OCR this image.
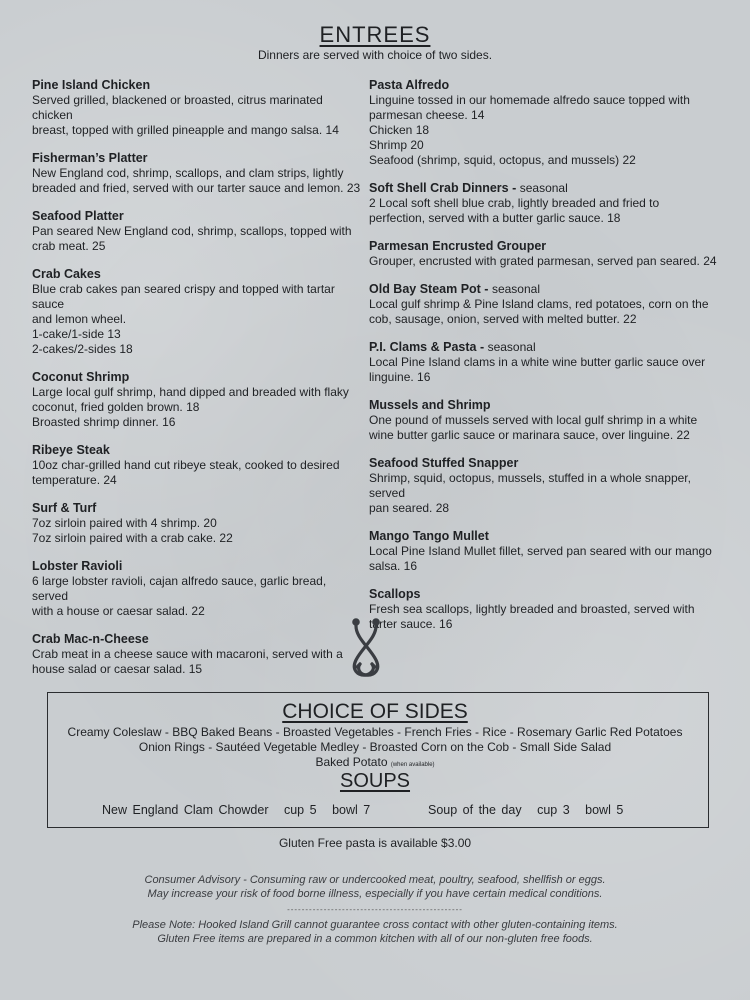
ENTREES
Dinners are served with choice of two sides.
Pine Island Chicken
Served grilled, blackened or broasted, citrus marinated chicken
breast, topped with grilled pineapple and mango salsa. 14
Fisherman’s Platter
New England cod, shrimp, scallops, and clam strips, lightly
breaded and fried, served with our tarter sauce and lemon. 23
Seafood Platter
Pan seared New England cod, shrimp, scallops, topped with
crab meat. 25
Crab Cakes
Blue crab cakes pan seared crispy and topped with tartar sauce
and lemon wheel.
1-cake/1-side 13
2-cakes/2-sides 18
Coconut Shrimp
Large local gulf shrimp, hand dipped and breaded with flaky
coconut, fried golden brown. 18
Broasted shrimp dinner. 16
Ribeye Steak
10oz char-grilled hand cut ribeye steak, cooked to desired
temperature. 24
Surf & Turf
7oz sirloin paired with 4 shrimp. 20
7oz sirloin paired with a crab cake. 22
Lobster Ravioli
6 large lobster ravioli, cajan alfredo sauce, garlic bread, served
with a house or caesar salad. 22
Crab Mac-n-Cheese
Crab meat in a cheese sauce with macaroni, served with a
house salad or caesar salad. 15
Pasta Alfredo
Linguine tossed in our homemade alfredo sauce topped with
parmesan cheese. 14
Chicken 18
Shrimp 20
Seafood (shrimp, squid, octopus, and mussels) 22
Soft Shell Crab Dinners - seasonal
2 Local soft shell blue crab, lightly breaded and fried to
perfection, served with a butter garlic sauce. 18
Parmesan Encrusted Grouper
Grouper, encrusted with grated parmesan, served pan seared. 24
Old Bay Steam Pot - seasonal
Local gulf shrimp & Pine Island clams, red potatoes, corn on the
cob, sausage, onion, served with melted butter. 22
P.I. Clams & Pasta - seasonal
Local Pine Island clams in a white wine butter garlic sauce over
linguine. 16
Mussels and Shrimp
One pound of mussels served with local gulf shrimp in a white
wine butter garlic sauce or marinara sauce, over linguine. 22
Seafood Stuffed Snapper
Shrimp, squid, octopus, mussels, stuffed in a whole snapper, served
pan seared. 28
Mango Tango Mullet
Local Pine Island Mullet fillet, served pan seared with our mango
salsa. 16
Scallops
Fresh sea scallops, lightly breaded and broasted, served with
tarter sauce. 16
CHOICE OF SIDES
Creamy Coleslaw - BBQ Baked Beans - Broasted Vegetables - French Fries - Rice - Rosemary Garlic Red Potatoes
Onion Rings - Sautéed Vegetable Medley - Broasted Corn on the Cob - Small Side Salad
Baked Potato (when available)
SOUPS
New England Clam Chowder cup 5 bowl 7	Soup of the day cup 3 bowl 5
Gluten Free pasta is available $3.00
Consumer Advisory - Consuming raw or undercooked meat, poultry, seafood, shellfish or eggs.
May increase your risk of food borne illness, especially if you have certain medical conditions.
------------------------------------------------
Please Note: Hooked Island Grill cannot guarantee cross contact with other gluten-containing items.
Gluten Free items are prepared in a common kitchen with all of our non-gluten free foods.
